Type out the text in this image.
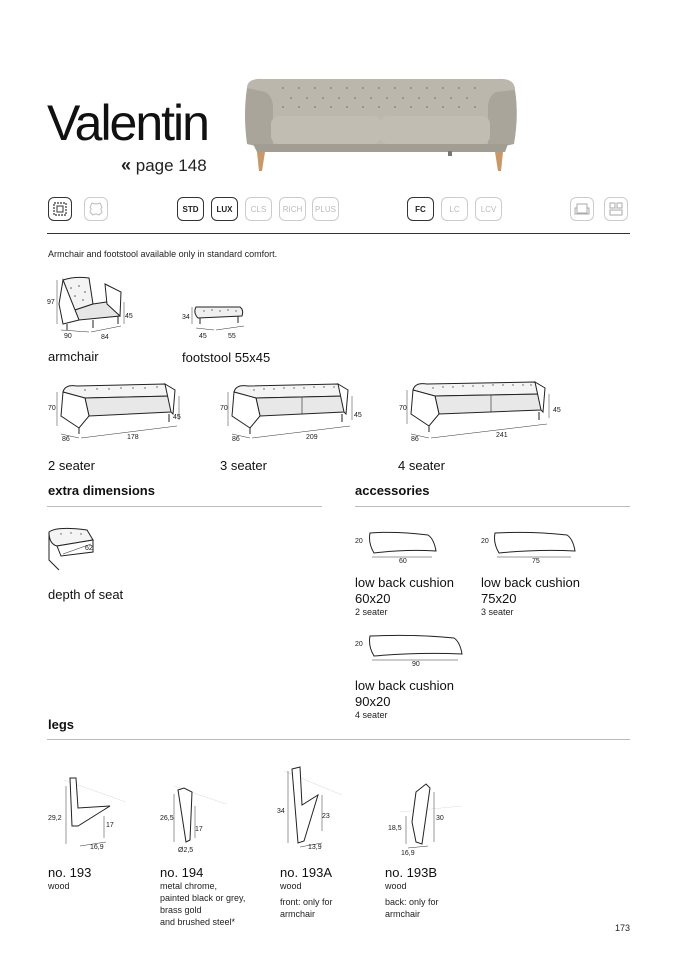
Valentin
« page 148
STD	LUX	CLS	RICH	PLUS	FC	LC	LCV
Armchair and footstool available only in standard comfort.
97
45
90	84
armchair
34
45	55
footstool 55x45
70
45
86	178
2 seater
70
45
86	209
3 seater
70	45
86
241
4 seater
extra dimensions	accessories
62
depth of seat
20
60
low back cushion
60x20
2 seater
20
75
low back cushion
75x20
3 seater
20
90
low back cushion
90x20
4 seater
legs
29,2
17
16,9
26,5
17
Ø2,5
34
23
13,9
18,5
30
16,9
no. 193
wood
no. 194
metal chrome,
painted black or grey,
brass gold
and brushed steel*
no. 193A
wood
front: only for
armchair
no. 193B
wood
back: only for
armchair
173
